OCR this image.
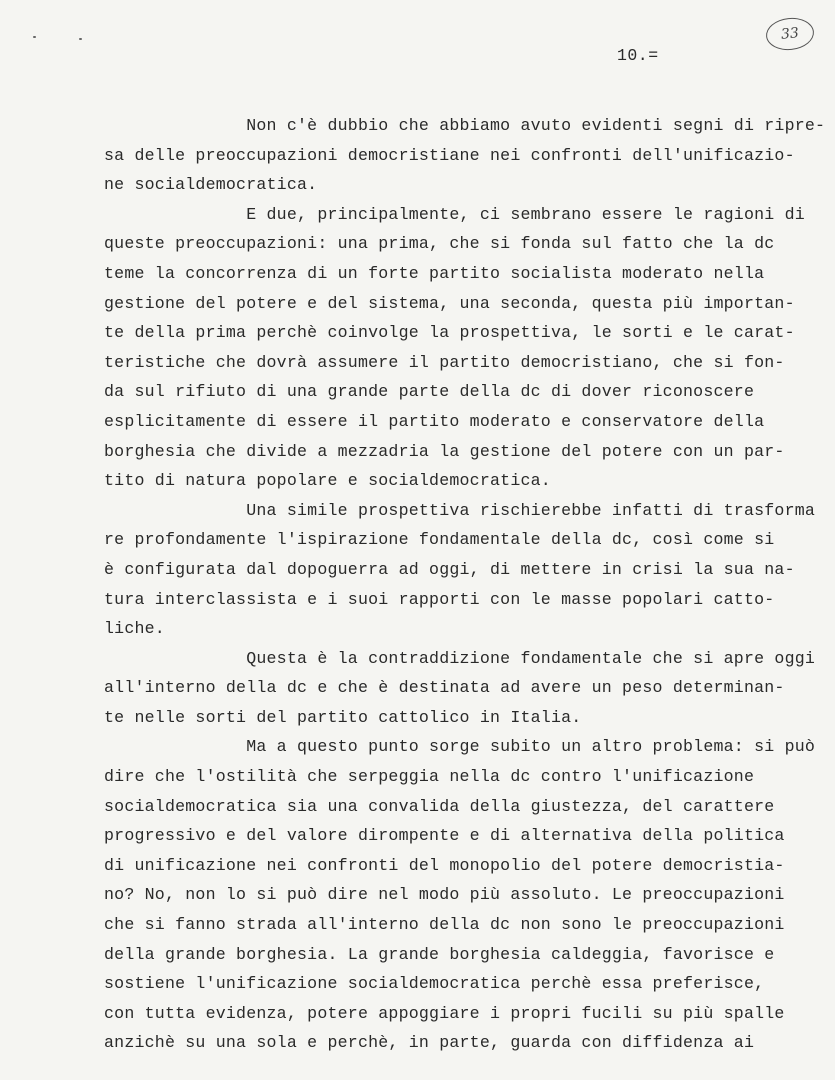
33
10.=
Non c'è dubbio che abbiamo avuto evidenti segni di ripre-
sa delle preoccupazioni democristiane nei confronti dell'unificazio-
ne socialdemocratica.
E due, principalmente, ci sembrano essere le ragioni di
queste preoccupazioni: una prima, che si fonda sul fatto che la dc
teme la concorrenza di un forte partito socialista moderato nella
gestione del potere e del sistema, una seconda, questa più importan-
te della prima perchè coinvolge la prospettiva, le sorti e le carat-
teristiche che dovrà assumere il partito democristiano, che si fon-
da sul rifiuto di una grande parte della dc di dover riconoscere
esplicitamente di essere il partito moderato e conservatore della
borghesia che divide a mezzadria la gestione del potere con un par-
tito di natura popolare e socialdemocratica.
Una simile prospettiva rischierebbe infatti di trasforma
re profondamente l'ispirazione fondamentale della dc, così come si
è configurata dal dopoguerra ad oggi, di mettere in crisi la sua na-
tura interclassista e i suoi rapporti con le masse popolari catto-
liche.
Questa è la contraddizione fondamentale che si apre oggi
all'interno della dc e che è destinata ad avere un peso determinan-
te nelle sorti del partito cattolico in Italia.
Ma a questo punto sorge subito un altro problema: si può
dire che l'ostilità che serpeggia nella dc contro l'unificazione
socialdemocratica sia una convalida della giustezza, del carattere
progressivo e del valore dirompente e di alternativa della politica
di unificazione nei confronti del monopolio del potere democristia-
no? No, non lo si può dire nel modo più assoluto. Le preoccupazioni
che si fanno strada all'interno della dc non sono le preoccupazioni
della grande borghesia. La grande borghesia caldeggia, favorisce e
sostiene l'unificazione socialdemocratica perchè essa preferisce,
con tutta evidenza, potere appoggiare i propri fucili su più spalle
anzichè su una sola e perchè, in parte, guarda con diffidenza ai
